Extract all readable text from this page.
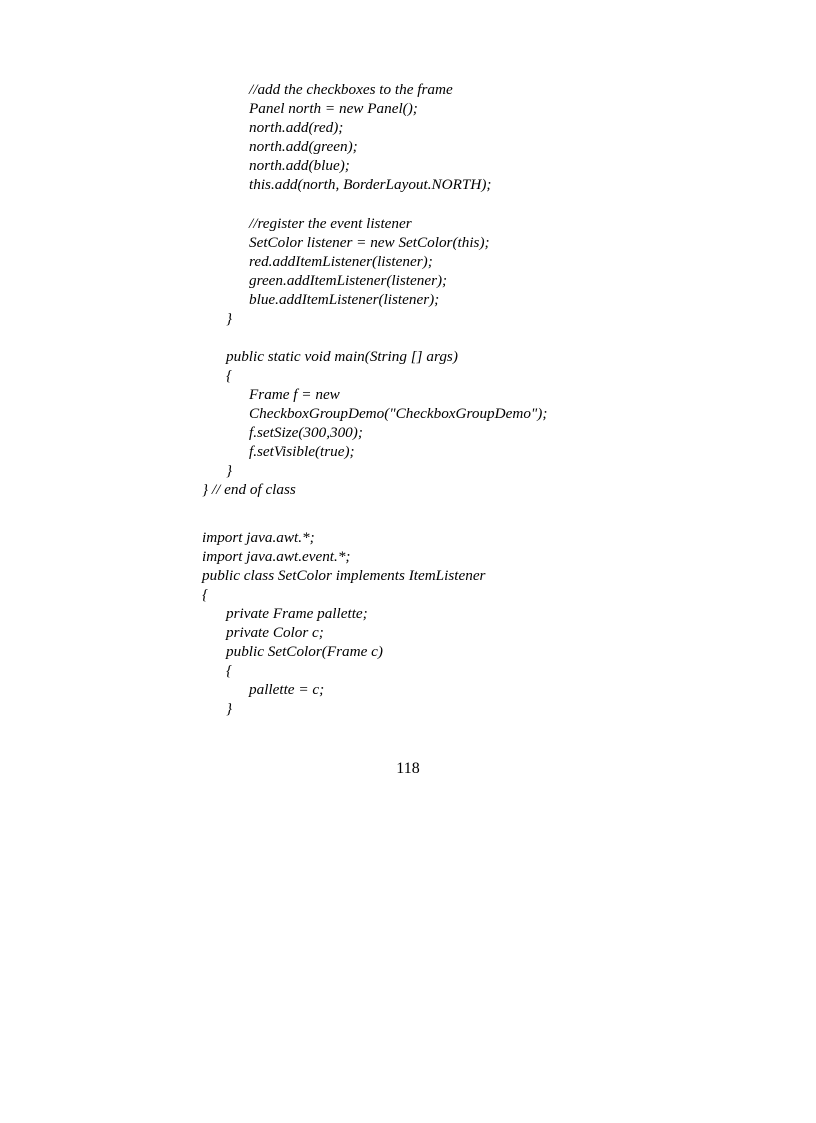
//add the checkboxes to the frame
Panel north = new Panel();
north.add(red);
north.add(green);
north.add(blue);
this.add(north, BorderLayout.NORTH);
//register the event listener
SetColor listener = new SetColor(this);
red.addItemListener(listener);
green.addItemListener(listener);
blue.addItemListener(listener);
}
public static void main(String [] args)
{
Frame f = new
CheckboxGroupDemo("CheckboxGroupDemo");
f.setSize(300,300);
f.setVisible(true);
}
} // end of class
import java.awt.*;
import java.awt.event.*;
public class SetColor implements ItemListener
{
private Frame pallette;
private Color c;
public SetColor(Frame c)
{
pallette = c;
}
118
